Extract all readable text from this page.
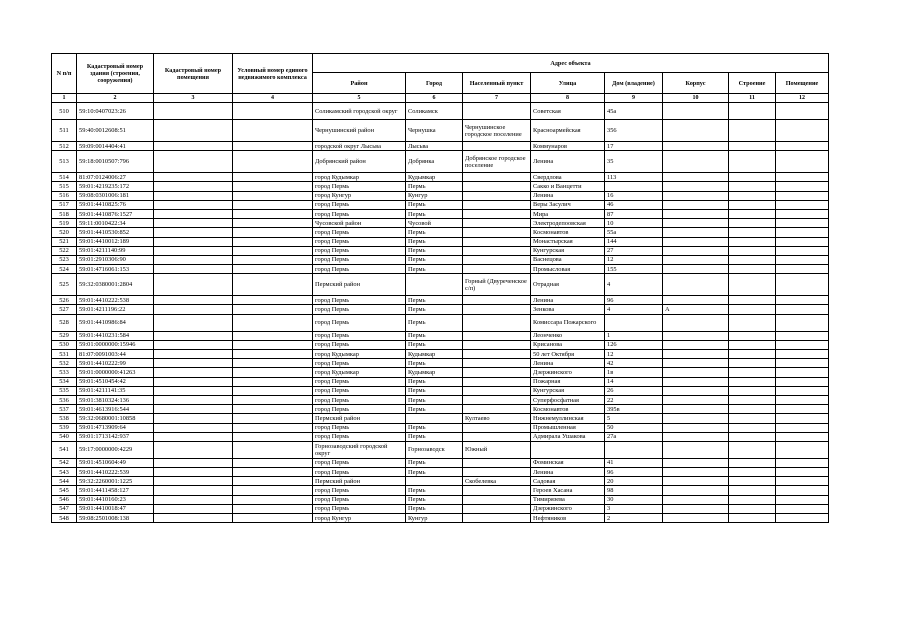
N п/п	Кадастровый номер здания (строения, сооружения)	Кадастровый номер помещения	Условный номер единого недвижимого комплекса	Адрес объекта							
				Район	Город	Населенный пункт	Улица	Дом (владение)	Корпус	Строение	Помещение
1	2	3	4	5	6	7	8	9	10	11	12
510	59:10:0407023:26			Соликамский городской округ	Соликамск		Советская	45а			
511	59:40:0012608:51			Чернушинский район	Чернушка	Чернушинское городское поселение	Красноармейская	356			
512	59:09:0014404:41			городской округ Лысьва	Лысьва		Коммунаров	17			
513	59:18:0010507:796			Добрянский район	Добрянка	Добрянское городское поселение	Ленина	35			
514	81:07:0124006:27			город Кудымкар	Кудымкар		Свердлова	113			
515	59:01:4219235:172			город Пермь	Пермь		Сакко и Ванцетти				
516	59:08:0301006:181			город Кунгур	Кунгур		Ленина	16			
517	59:01:4410825:76			город Пермь	Пермь		Веры Засулич	46			
518	59:01:4410876:1527			город Пермь	Пермь		Мира	87			
519	59:11:0010422:34			Чусовской район	Чусовой		Электродепоовская	10			
520	59:01:4410530:852			город Пермь	Пермь		Космонавтов	55а			
521	59:01:4410012:189			город Пермь	Пермь		Монастырская	144			
522	59:01:4211140:99			город Пермь	Пермь		Кунгурская	27			
523	59:01:2910306:90			город Пермь	Пермь		Васнецова	12			
524	59:01:4716061:153			город Пермь	Пермь		Промысловая	155			
525	59:32:0380001:2804			Пермский район		Горный (Двуреченское с/п)	Отрадная	4			
526	59:01:4410222:538			город Пермь	Пермь		Ленина	96			
527	59:01:4211196:22			город Пермь	Пермь		Зенкова	4	А		
528	59:01:4410986:84			город Пермь	Пермь		Комиссара Пожарского				
529	59:01:4410231:584			город Пермь	Пермь		Леонченко	1			
530	59:01:0000000:15946			город Пермь	Пермь		Крисанова	126			
531	81:07:0091003:44			город Кудымкар	Кудымкар		50 лет Октября	12			
532	59:01:4410222:99			город Пермь	Пермь		Ленина	42			
533	59:01:0000000:41263			город Кудымкар	Кудымкар		Дзержинского	1в			
534	59:01:4510454:42			город Пермь	Пермь		Пожарная	14			
535	59:01:4211141:35			город Пермь	Пермь		Кунгурская	26			
536	59:01:3810324:136			город Пермь	Пермь		Суперфосфатная	22			
537	59:01:4613916:544			город Пермь	Пермь		Космонавтов	395в			
538	59:32:0680001:10858			Пермский район		Култаево	Нижнемуллинская	5			
539	59:01:4713909:64			город Пермь	Пермь		Промышленная	50			
540	59:01:1713142:937			город Пермь	Пермь		Адмирала Ушакова	27а			
541	59:17:0000000:4229			Горнозаводский городской округ	Горнозаводск	Южный					
542	59:01:4510604:49			город Пермь	Пермь		Фоминская	41			
543	59:01:4410222:539			город Пермь	Пермь		Ленина	96			
544	59:32:2260001:1225			Пермский район		Скобелевка	Садовая	20			
545	59:01:4411458:127			город Пермь	Пермь		Героев Хасана	98			
546	59:01:4410160:23			город Пермь	Пермь		Тимирязева	30			
547	59:01:4410018:47			город Пермь	Пермь		Дзержинского	3			
548	59:08:2501008:138			город Кунгур	Кунгур		Нефтяников	2			
